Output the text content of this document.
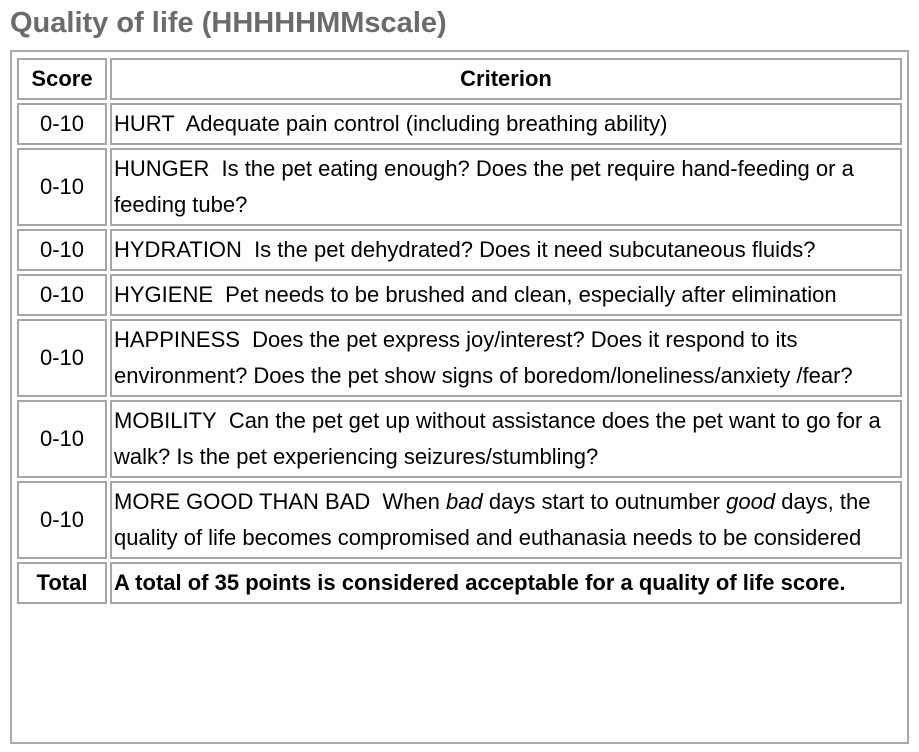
Quality of life (HHHHHMMscale)
Score	Criterion
0-10	HURT Adequate pain control (including breathing ability)
0-10	HUNGER Is the pet eating enough? Does the pet require hand-feeding or a feeding tube?
0-10	HYDRATION Is the pet dehydrated? Does it need subcutaneous fluids?
0-10	HYGIENE Pet needs to be brushed and clean, especially after elimination
0-10	HAPPINESS Does the pet express joy/interest? Does it respond to its environment? Does the pet show signs of boredom/loneliness/anxiety /fear?
0-10	MOBILITY Can the pet get up without assistance does the pet want to go for a walk? Is the pet experiencing seizures/stumbling?
0-10	MORE GOOD THAN BAD When bad days start to outnumber good days, the quality of life becomes compromised and euthanasia needs to be considered
Total	A total of 35 points is considered acceptable for a quality of life score.
